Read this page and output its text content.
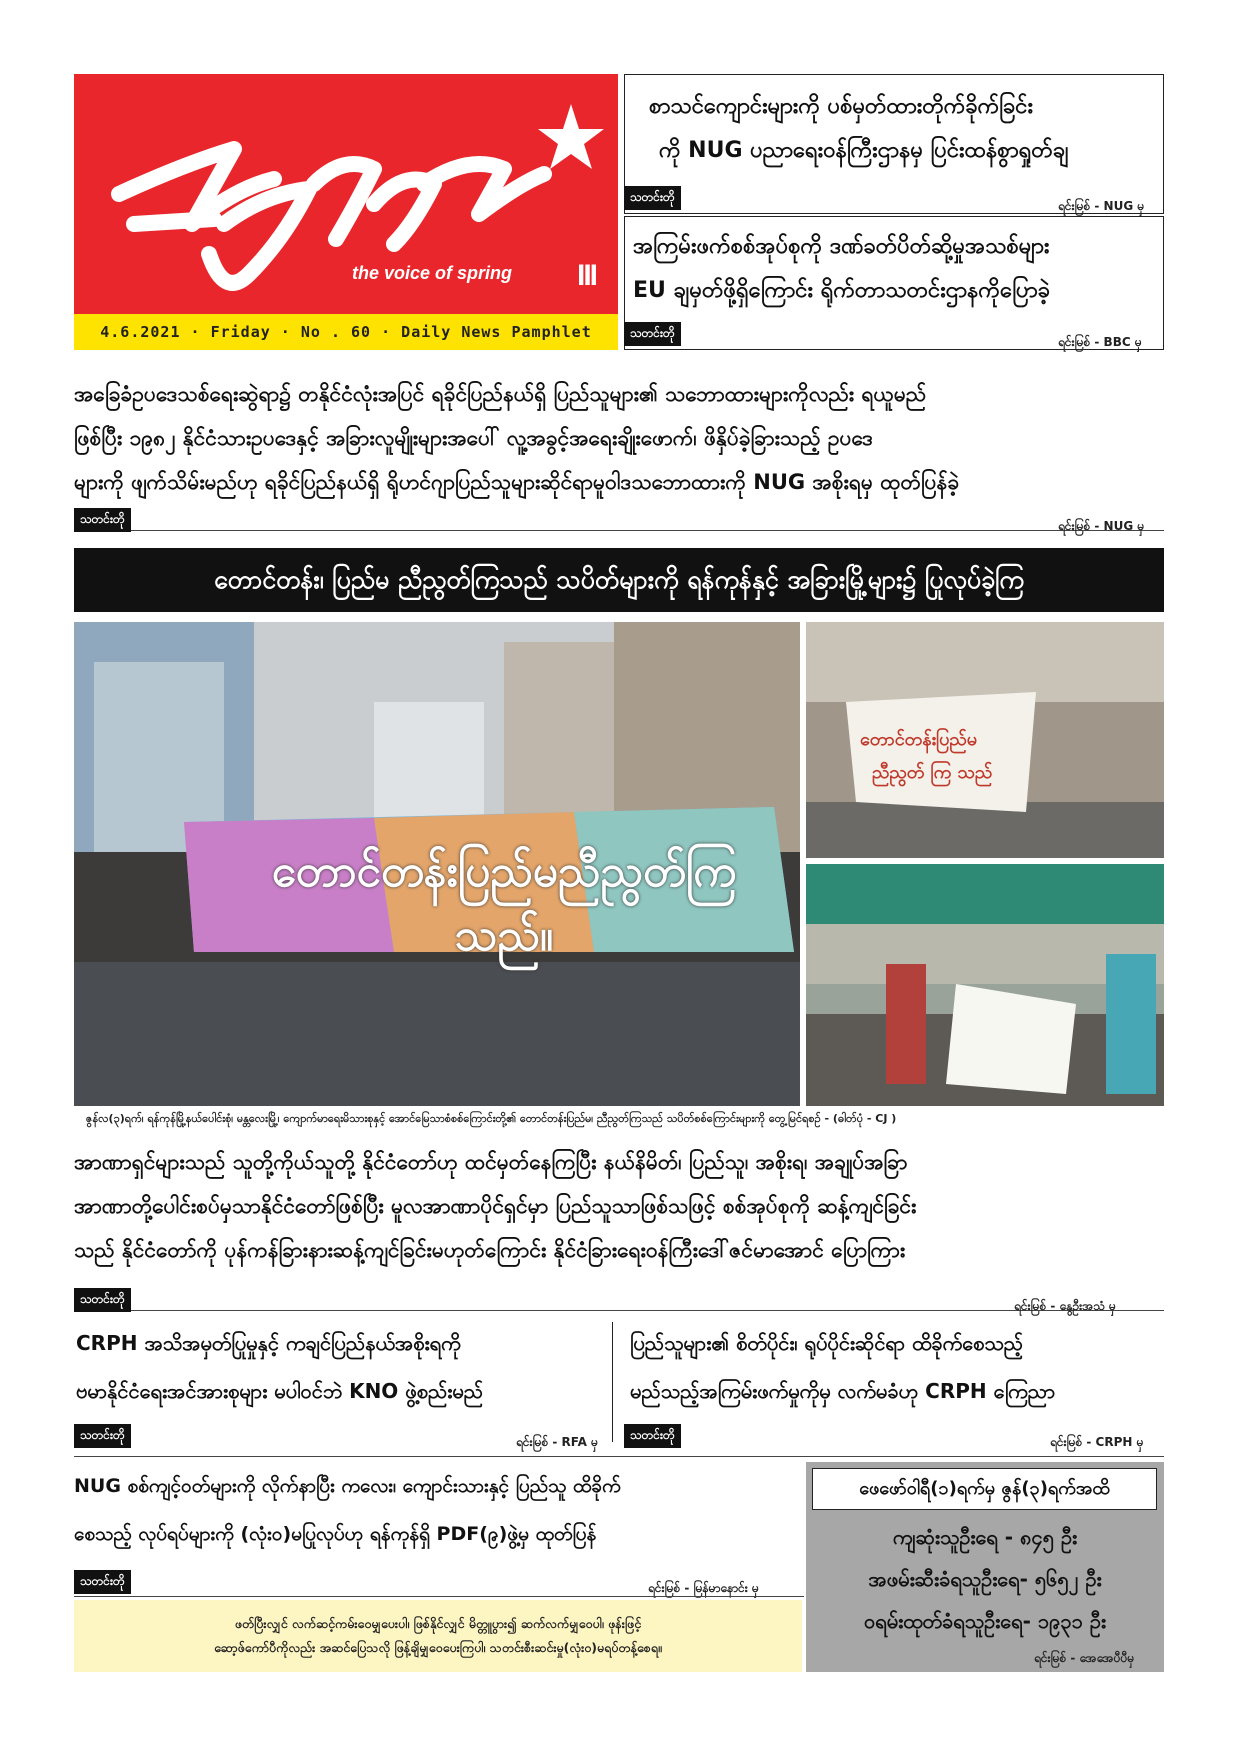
the voice of spring III
4.6.2021 · Friday · No . 60 · Daily News Pamphlet
စာသင်ကျောင်းများကို ပစ်မှတ်ထားတိုက်ခိုက်ခြင်း
ကို NUG ပညာရေးဝန်ကြီးဌာနမှ ပြင်းထန်စွာရှုတ်ချ
သတင်းတို
ရင်းမြစ် - NUG မှ
အကြမ်းဖက်စစ်အုပ်စုကို ဒဏ်ခတ်ပိတ်ဆို့မှုအသစ်များ
EU ချမှတ်ဖို့ရှိကြောင်း ရိုက်တာသတင်းဌာနကိုပြောခဲ့
သတင်းတို
ရင်းမြစ် - BBC မှ
အခြေခံဥပဒေသစ်ရေးဆွဲရာ၌ တနိုင်ငံလုံးအပြင် ရခိုင်ပြည်နယ်ရှိ ပြည်သူများ၏ သဘောထားများကိုလည်း ရယူမည်
ဖြစ်ပြီး ၁၉၈၂ နိုင်ငံသားဥပဒေနှင့် အခြားလူမျိုးများအပေါ် လူ့အခွင့်အရေးချိုးဖောက်၊ ဖိနှိပ်ခဲ့ခြားသည့် ဥပဒေ
များကို ဖျက်သိမ်းမည်ဟု ရခိုင်ပြည်နယ်ရှိ ရိုဟင်ဂျာပြည်သူများဆိုင်ရာမူဝါဒသဘောထားကို NUG အစိုးရမှ ထုတ်ပြန်ခဲ့
သတင်းတို	ရင်းမြစ် - NUG မှ
တောင်တန်း၊ ပြည်မ ညီညွတ်ကြသည် သပိတ်များကို ရန်ကုန်နှင့် အခြားမြို့များ၌ ပြုလုပ်ခဲ့ကြ
တောင်တန်းပြည်မညီညွတ်ကြသည်။
တောင်တန်းပြည်မ
ညီညွတ် ကြ သည်
ဇွန်လ(၃)ရက်၊ ရန်ကုန်မြို့နယ်ပေါင်းစုံ၊ မန္တလေးမြို့၊ ကျောက်မာရေးမိသားစုနှင့် အောင်မြေသာစံစစ်ကြောင်းတို့၏ တောင်တန်းပြည်မ၊ ညီညွတ်ကြသည် သပိတ်စစ်ကြောင်းများကို တွေ့မြင်ရစဉ် - (ဓါတ်ပုံ - CJ )
အာဏာရှင်များသည် သူတို့ကိုယ်သူတို့ နိုင်ငံတော်ဟု ထင်မှတ်နေကြပြီး နယ်နိမိတ်၊ ပြည်သူ၊ အစိုးရ၊ အချုပ်အခြာ
အာဏာတို့ပေါင်းစပ်မှသာနိုင်ငံတော်ဖြစ်ပြီး မူလအာဏာပိုင်ရှင်မှာ ပြည်သူသာဖြစ်သဖြင့် စစ်အုပ်စုကို ဆန့်ကျင်ခြင်း
သည် နိုင်ငံတော်ကို ပုန်ကန်ခြားနားဆန့်ကျင်ခြင်းမဟုတ်ကြောင်း နိုင်ငံခြားရေးဝန်ကြီးဒေါ်ဇင်မာအောင် ပြောကြား
သတင်းတို	ရင်းမြစ် - နွေဦးအသံ မှ
CRPH အသိအမှတ်ပြုမှုနှင့် ကချင်ပြည်နယ်အစိုးရကို
ဗမာနိုင်ငံရေးအင်အားစုများ မပါဝင်ဘဲ KNO ဖွဲ့စည်းမည်
သတင်းတို	ရင်းမြစ် - RFA မှ
ပြည်သူများ၏ စိတ်ပိုင်း၊ ရုပ်ပိုင်းဆိုင်ရာ ထိခိုက်စေသည့်
မည်သည့်အကြမ်းဖက်မှုကိုမှ လက်မခံဟု CRPH ကြေညာ
သတင်းတို	ရင်းမြစ် - CRPH မှ
NUG စစ်ကျင့်ဝတ်များကို လိုက်နာပြီး ကလေး၊ ကျောင်းသားနှင့် ပြည်သူ ထိခိုက်
စေသည့် လုပ်ရပ်များကို (လုံးဝ)မပြုလုပ်ဟု ရန်ကုန်ရှိ PDF(၉)ဖွဲ့မှ ထုတ်ပြန်
သတင်းတို	ရင်းမြစ် - မြန်မာနောင်း မှ
ဖတ်ပြီးလျှင် လက်ဆင့်ကမ်းဝေမျှပေးပါ၊ ဖြစ်နိုင်လျှင် မိတ္တူပွား၍ ဆက်လက်မျှဝေပါ၊ ဖုန်းဖြင့်
ဆော့ဖ်ကော်ပီကိုလည်း အဆင်ပြေသလို ဖြန့်ချိမျှဝေပေးကြပါ၊ သတင်းစီးဆင်းမှု(လုံးဝ)မရပ်တန့်စေရ။
ဖေဖော်ဝါရီ(၁)ရက်မှ ဇွန်(၃)ရက်အထိ
ကျဆုံးသူဦးရေ - ၈၄၅ ဦး
အဖမ်းဆီးခံရသူဦးရေ- ၅၆၅၂ ဦး
ဝရမ်းထုတ်ခံရသူဦးရေ- ၁၉၃၁ ဦး
ရင်းမြစ် - အေအေပီပီမှ
